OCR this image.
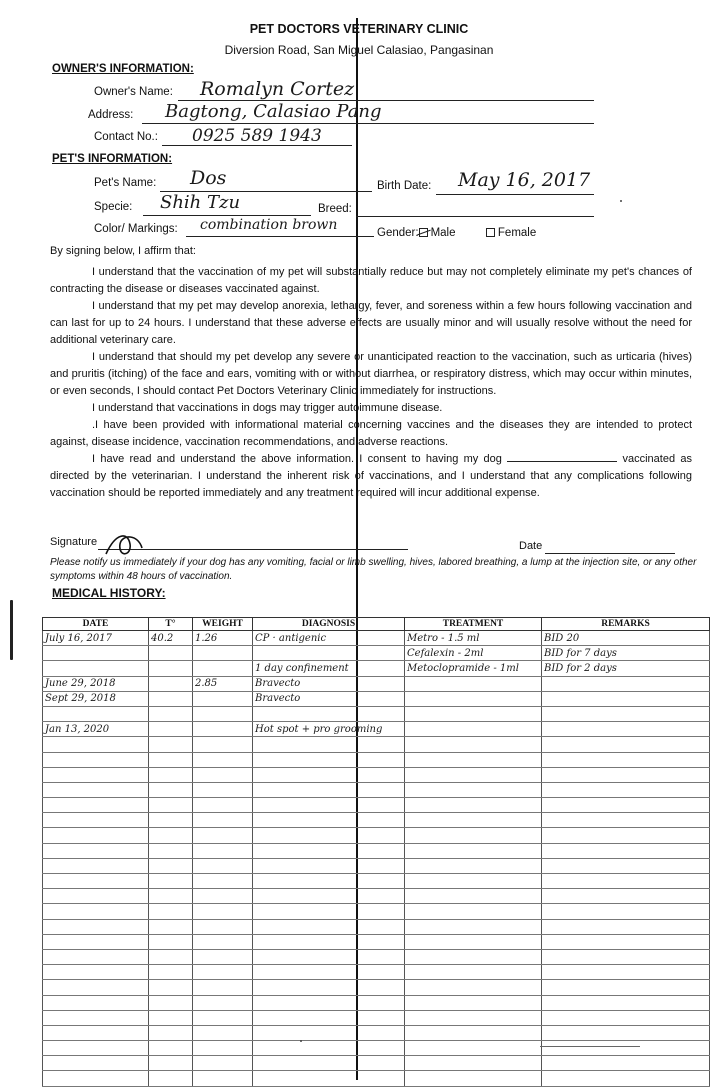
PET DOCTORS VETERINARY CLINIC
Diversion Road, San Miguel Calasiao, Pangasinan
OWNER'S INFORMATION:
Owner's Name: Romalyn Cortez
Address: Bagtong, Calasiao Pang
Contact No.: 0925 589 1943
PET'S INFORMATION:
Pet's Name: Dos	Birth Date: May 16, 2017
Specie: Shih Tzu	Breed:
Color/ Markings: combination brown	Gender: Male	Female
By signing below, I affirm that:

I understand that the vaccination of my pet will substantially reduce but may not completely eliminate my pet's chances of contracting the disease or diseases vaccinated against.

I understand that my pet may develop anorexia, lethargy, fever, and soreness within a few hours following vaccination and can last for up to 24 hours. I understand that these adverse effects are usually minor and will usually resolve without the need for additional veterinary care.

I understand that should my pet develop any severe or unanticipated reaction to the vaccination, such as urticaria (hives) and pruritis (itching) of the face and ears, vomiting with or without diarrhea, or respiratory distress, which may occur within minutes, or even seconds, I should contact Pet Doctors Veterinary Clinic immediately for instructions.

I understand that vaccinations in dogs may trigger autoimmune disease.

.I have been provided with informational material concerning vaccines and the diseases they are intended to protect against, disease incidence, vaccination recommendations, and adverse reactions.

I have read and understand the above information. I consent to having my dog	vaccinated as directed by the veterinarian. I understand the inherent risk of vaccinations, and I understand that any complications following vaccination should be reported immediately and any treatment required will incur additional expense.

Signature	Date
Please notify us immediately if your dog has any vomiting, facial or limb swelling, hives, labored breathing, a lump at the injection site, or any other symptoms within 48 hours of vaccination.
MEDICAL HISTORY:
DATE	T°	WEIGHT	DIAGNOSIS	TREATMENT	REMARKS
July 16, 2017	40.2	1.26	CP · antigenic	Metro - 1.5 ml	BID 20
				Cefalexin - 2ml	BID for 7 days
			1 day confinement	Metoclopramide - 1ml	BID for 2 days
June 29, 2018		2.85	Bravecto		
Sept 29, 2018			Bravecto		

Jan 13, 2020			Hot spot + pro grooming		
